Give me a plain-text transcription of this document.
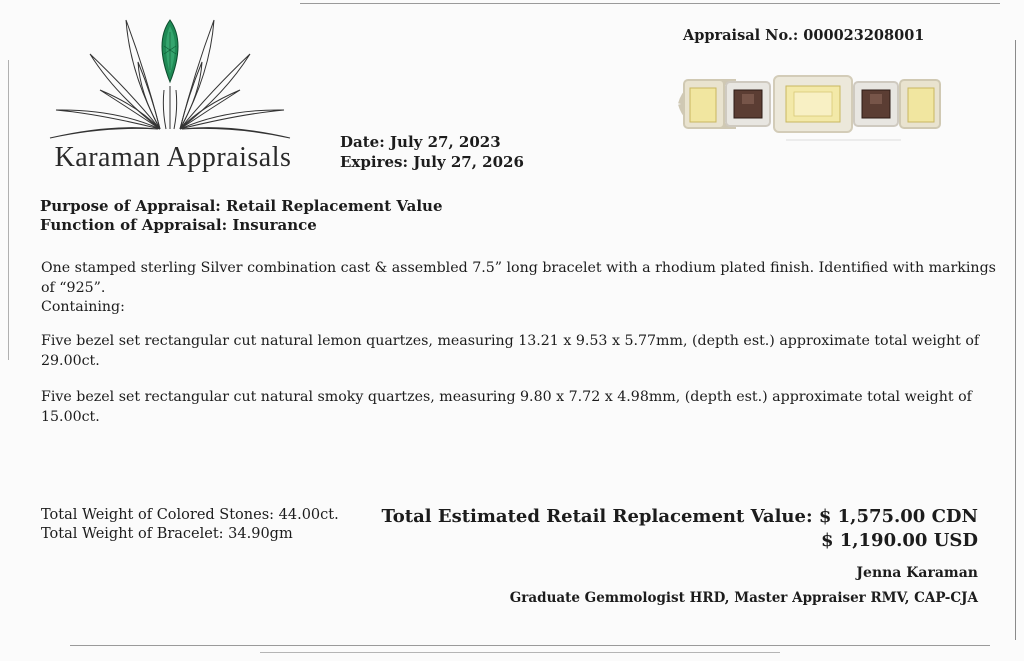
Karaman Appraisals
Appraisal No.: 000023208001
Date: July 27, 2023
Expires: July 27, 2026
Purpose of Appraisal: Retail Replacement Value
Function of Appraisal: Insurance
One stamped sterling Silver combination cast & assembled 7.5” long bracelet with a rhodium plated finish. Identified with markings of “925”.
Containing:
Five bezel set rectangular cut natural lemon quartzes, measuring 13.21 x 9.53 x 5.77mm, (depth est.) approximate total weight of 29.00ct.
Five bezel set rectangular cut natural smoky quartzes, measuring 9.80 x 7.72 x 4.98mm, (depth est.) approximate total weight of 15.00ct.
Total Weight of Colored Stones: 44.00ct.
Total Weight of Bracelet: 34.90gm
Total Estimated Retail Replacement Value: $ 1,575.00 CDN
$ 1,190.00 USD
Jenna Karaman
Graduate Gemmologist HRD, Master Appraiser RMV, CAP-CJA
